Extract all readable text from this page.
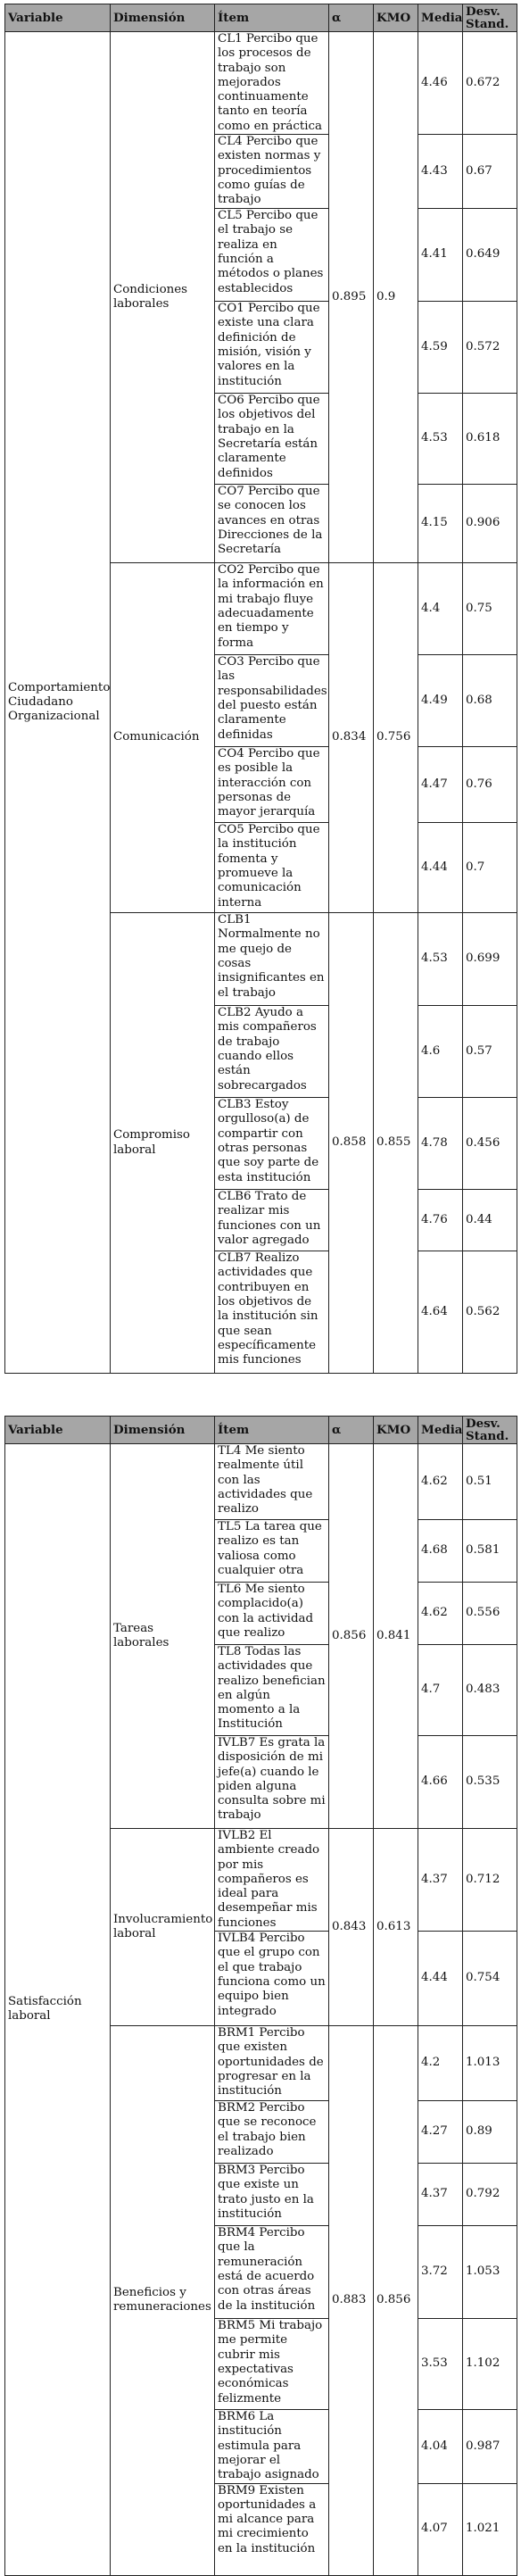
Variable	Dimensión	Ítem	α	KMO	Media	Desv. Stand.
Comportamiento Ciudadano Organizacional	Condiciones laborales	CL1 Percibo que los procesos de trabajo son mejorados continuamente tanto en teoría como en práctica	0.895	0.9	4.46	0.672
		CL4 Percibo que existen normas y procedimientos como guías de trabajo			4.43	0.67
		CL5 Percibo que el trabajo se realiza en función a métodos o planes establecidos			4.41	0.649
		CO1 Percibo que existe una clara definición de misión, visión y valores en la institución			4.59	0.572
		CO6 Percibo que los objetivos del trabajo en la Secretaría están claramente definidos			4.53	0.618
		CO7 Percibo que se conocen los avances en otras Direcciones de la Secretaría			4.15	0.906
	Comunicación	CO2 Percibo que la información en mi trabajo fluye adecuadamente en tiempo y forma	0.834	0.756	4.4	0.75
		CO3 Percibo que las responsabilidades del puesto están claramente definidas			4.49	0.68
		CO4 Percibo que es posible la interacción con personas de mayor jerarquía			4.47	0.76
		CO5 Percibo que la institución fomenta y promueve la comunicación interna			4.44	0.7
	Compromiso laboral	CLB1 Normalmente no me quejo de cosas insignificantes en el trabajo	0.858	0.855	4.53	0.699
		CLB2 Ayudo a mis compañeros de trabajo cuando ellos están sobrecargados			4.6	0.57
		CLB3 Estoy orgulloso(a) de compartir con otras personas que soy parte de esta institución			4.78	0.456
		CLB6 Trato de realizar mis funciones con un valor agregado			4.76	0.44
		CLB7 Realizo actividades que contribuyen en los objetivos de la institución sin que sean específicamente mis funciones			4.64	0.562
Variable	Dimensión	Ítem	α	KMO	Media	Desv. Stand.
Satisfacción laboral	Tareas laborales	TL4 Me siento realmente útil con las actividades que realizo	0.856	0.841	4.62	0.51
		TL5 La tarea que realizo es tan valiosa como cualquier otra			4.68	0.581
		TL6 Me siento complacido(a) con la actividad que realizo			4.62	0.556
		TL8 Todas las actividades que realizo benefician en algún momento a la Institución			4.7	0.483
		IVLB7 Es grata la disposición de mi jefe(a) cuando le piden alguna consulta sobre mi trabajo			4.66	0.535
	Involucramiento laboral	IVLB2 El ambiente creado por mis compañeros es ideal para desempeñar mis funciones	0.843	0.613	4.37	0.712
		IVLB4 Percibo que el grupo con el que trabajo funciona como un equipo bien integrado			4.44	0.754
	Beneficios y remuneraciones	BRM1 Percibo que existen oportunidades de progresar en la institución	0.883	0.856	4.2	1.013
		BRM2 Percibo que se reconoce el trabajo bien realizado			4.27	0.89
		BRM3 Percibo que existe un trato justo en la institución			4.37	0.792
		BRM4 Percibo que la remuneración está de acuerdo con otras áreas de la institución			3.72	1.053
		BRM5 Mi trabajo me permite cubrir mis expectativas económicas felizmente			3.53	1.102
		BRM6 La institución estimula para mejorar el trabajo asignado			4.04	0.987
		BRM9 Existen oportunidades a mi alcance para mi crecimiento en la institución			4.07	1.021
